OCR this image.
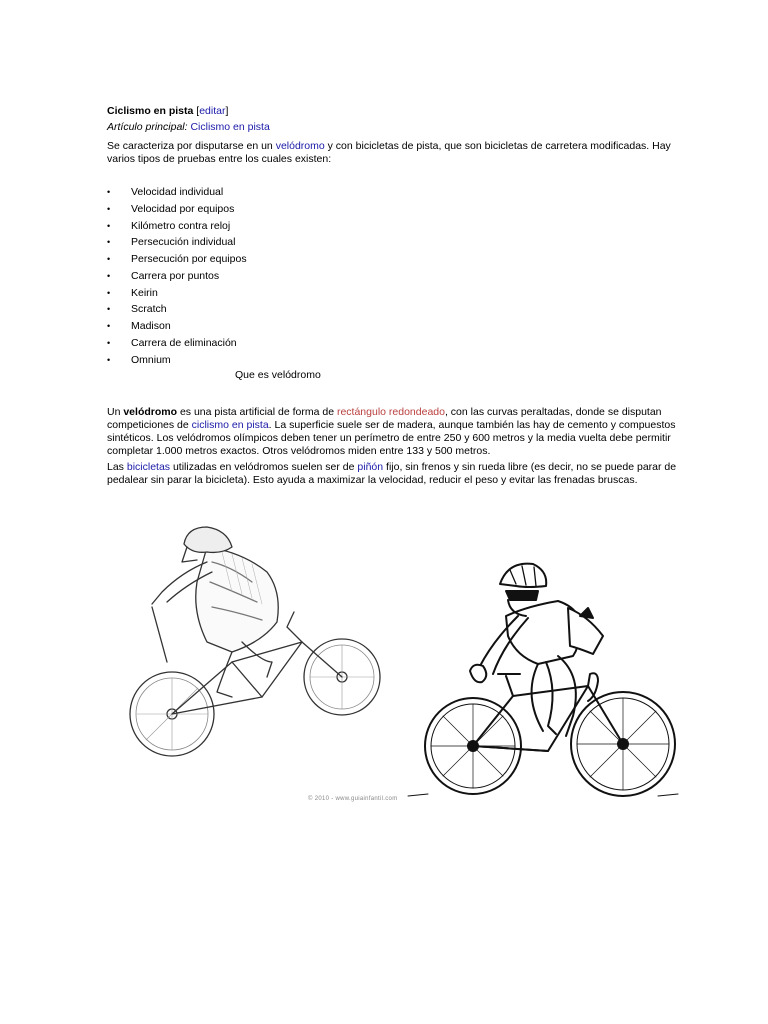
Ciclismo en pista [editar]

Artículo principal: Ciclismo en pista

Se caracteriza por disputarse en un velódromo y con bicicletas de pista, que son bicicletas de carretera modificadas. Hay varios tipos de pruebas entre los cuales existen:

• Velocidad individual
• Velocidad por equipos
• Kilómetro contra reloj
• Persecución individual
• Persecución por equipos
• Carrera por puntos
• Keirin
• Scratch
• Madison
• Carrera de eliminación
• Omnium
Que es velódromo

Un velódromo es una pista artificial de forma de rectángulo redondeado, con las curvas peraltadas, donde se disputan competiciones de ciclismo en pista. La superficie suele ser de madera, aunque también las hay de cemento y compuestos sintéticos. Los velódromos olímpicos deben tener un perímetro de entre 250 y 600 metros y la media vuelta debe permitir completar 1.000 metros exactos. Otros velódromos miden entre 133 y 500 metros.

Las bicicletas utilizadas en velódromos suelen ser de piñón fijo, sin frenos y sin rueda libre (es decir, no se puede parar de pedalear sin parar la bicicleta). Esto ayuda a maximizar la velocidad, reducir el peso y evitar las frenadas bruscas.

© 2010 - www.guiainfantil.com
